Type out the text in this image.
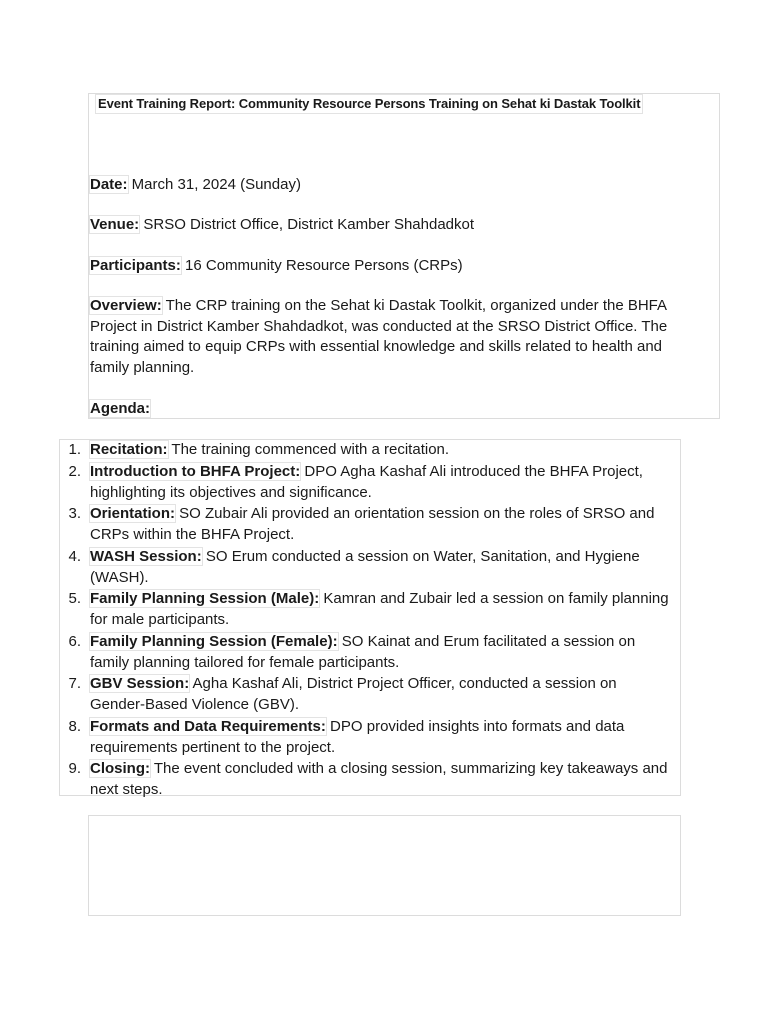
Event Training Report: Community Resource Persons Training on Sehat ki Dastak Toolkit
Date: March 31, 2024 (Sunday)
Venue: SRSO District Office, District Kamber Shahdadkot
Participants: 16 Community Resource Persons (CRPs)
Overview: The CRP training on the Sehat ki Dastak Toolkit, organized under the BHFA Project in District Kamber Shahdadkot, was conducted at the SRSO District Office. The training aimed to equip CRPs with essential knowledge and skills related to health and family planning.
Agenda:
1. Recitation: The training commenced with a recitation.
2. Introduction to BHFA Project: DPO Agha Kashaf Ali introduced the BHFA Project, highlighting its objectives and significance.
3. Orientation: SO Zubair Ali provided an orientation session on the roles of SRSO and CRPs within the BHFA Project.
4. WASH Session: SO Erum conducted a session on Water, Sanitation, and Hygiene (WASH).
5. Family Planning Session (Male): Kamran and Zubair led a session on family planning for male participants.
6. Family Planning Session (Female): SO Kainat and Erum facilitated a session on family planning tailored for female participants.
7. GBV Session: Agha Kashaf Ali, District Project Officer, conducted a session on Gender-Based Violence (GBV).
8. Formats and Data Requirements: DPO provided insights into formats and data requirements pertinent to the project.
9. Closing: The event concluded with a closing session, summarizing key takeaways and next steps.
